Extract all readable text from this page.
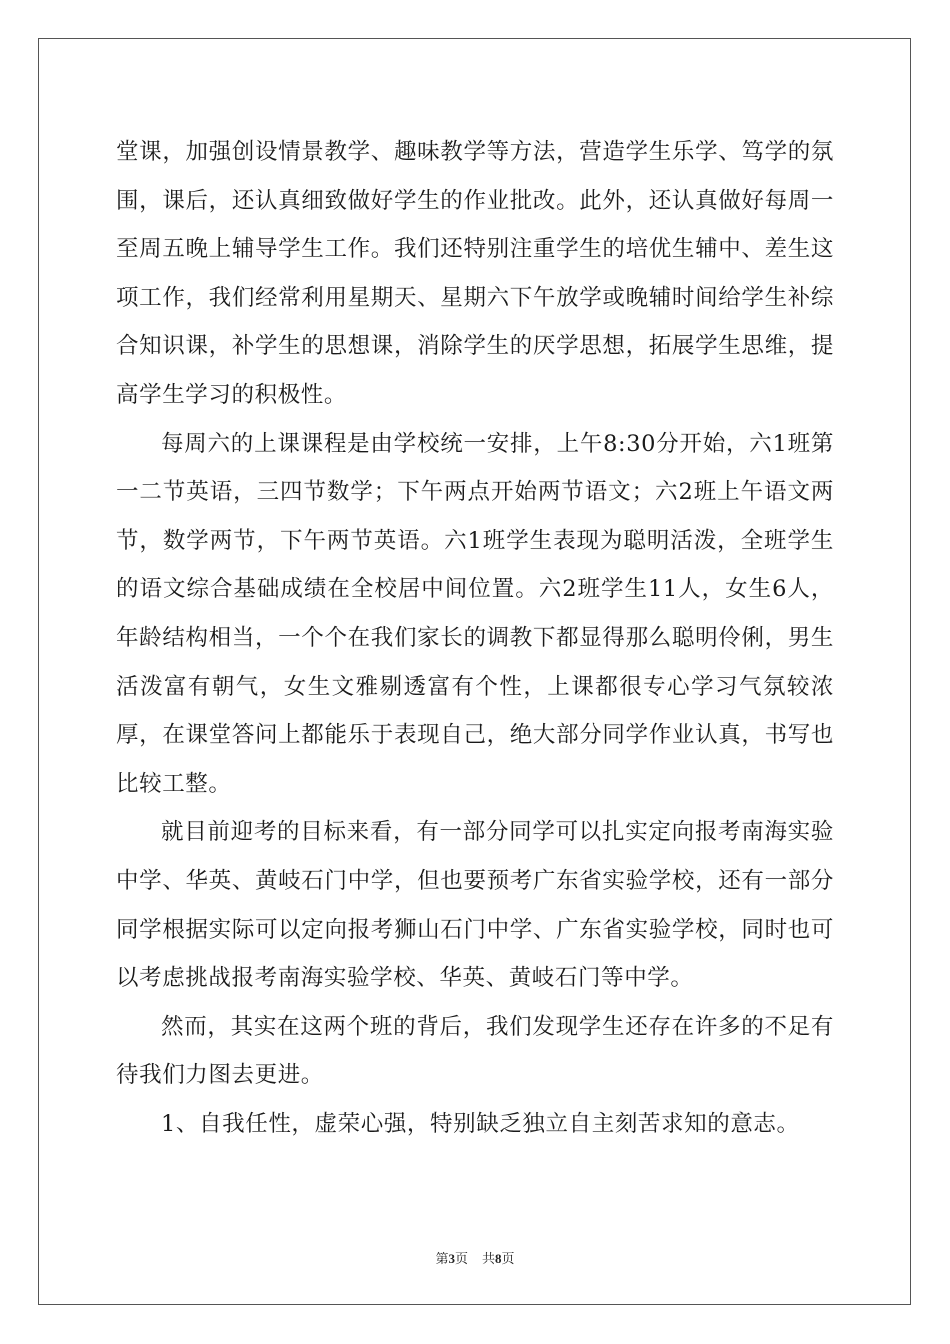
堂课，加强创设情景教学、趣味教学等方法，营造学生乐学、笃学的氛围，课后，还认真细致做好学生的作业批改。此外，还认真做好每周一至周五晚上辅导学生工作。我们还特别注重学生的培优生辅中、差生这项工作，我们经常利用星期天、星期六下午放学或晚辅时间给学生补综合知识课，补学生的思想课，消除学生的厌学思想，拓展学生思维，提高学生学习的积极性。

每周六的上课课程是由学校统一安排，上午8:30分开始，六1班第一二节英语，三四节数学；下午两点开始两节语文；六2班上午语文两节，数学两节，下午两节英语。六1班学生表现为聪明活泼，全班学生的语文综合基础成绩在全校居中间位置。六2班学生11人，女生6人，年龄结构相当，一个个在我们家长的调教下都显得那么聪明伶俐，男生活泼富有朝气，女生文雅剔透富有个性，上课都很专心学习气氛较浓厚，在课堂答问上都能乐于表现自己，绝大部分同学作业认真，书写也比较工整。

就目前迎考的目标来看，有一部分同学可以扎实定向报考南海实验中学、华英、黄岐石门中学，但也要预考广东省实验学校，还有一部分同学根据实际可以定向报考狮山石门中学、广东省实验学校，同时也可以考虑挑战报考南海实验学校、华英、黄岐石门等中学。

然而，其实在这两个班的背后，我们发现学生还存在许多的不足有待我们力图去更进。

1、自我任性，虚荣心强，特别缺乏独立自主刻苦求知的意志。

第3页 共8页
